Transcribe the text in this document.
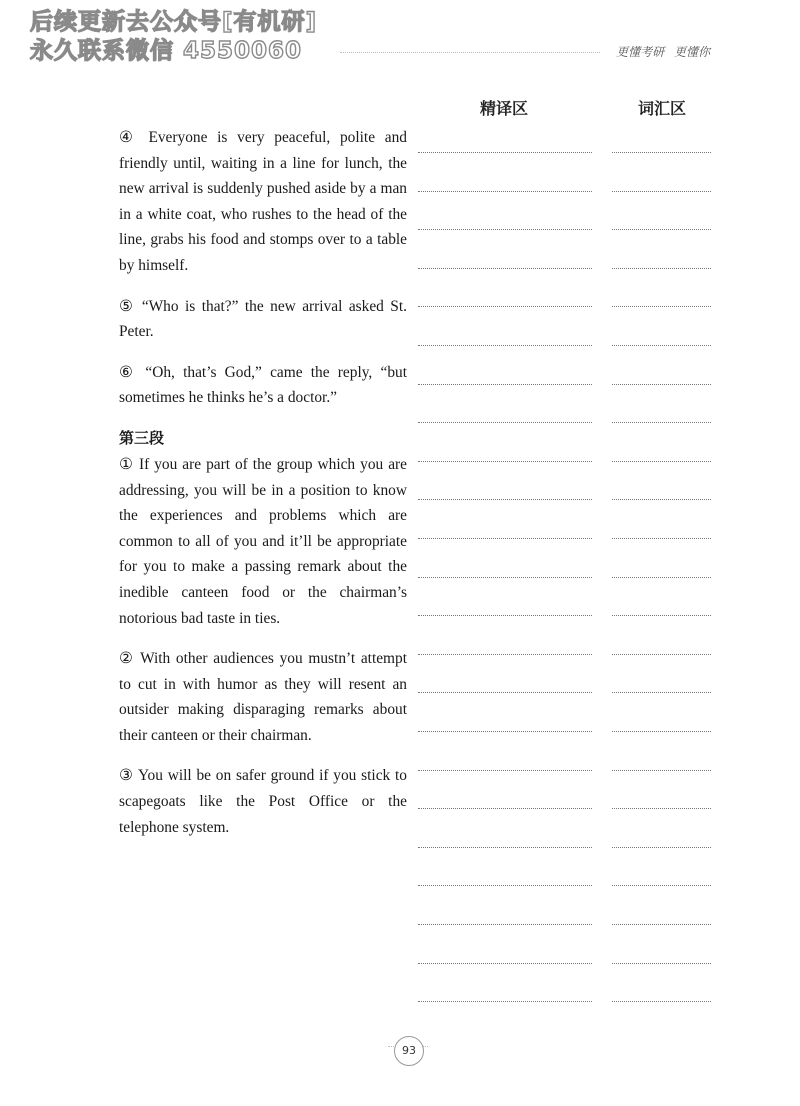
后续更新去公众号[有机研]
永久联系微信 4550060	更懂考研 更懂你
精译区	词汇区

④ Everyone is very peaceful, polite and friendly until, waiting in a line for lunch, the new arrival is suddenly pushed aside by a man in a white coat, who rushes to the head of the line, grabs his food and stomps over to a table by himself.

⑤ “Who is that?” the new arrival asked St. Peter.

⑥ “Oh, that’s God,” came the reply, “but sometimes he thinks he’s a doctor.”

第三段

① If you are part of the group which you are addressing, you will be in a position to know the experiences and problems which are common to all of you and it’ll be appropriate for you to make a passing remark about the inedible canteen food or the chairman’s notorious bad taste in ties.

② With other audiences you mustn’t attempt to cut in with humor as they will resent an outsider making disparaging remarks about their canteen or their chairman.

③ You will be on safer ground if you stick to scapegoats like the Post Office or the telephone system.

93
